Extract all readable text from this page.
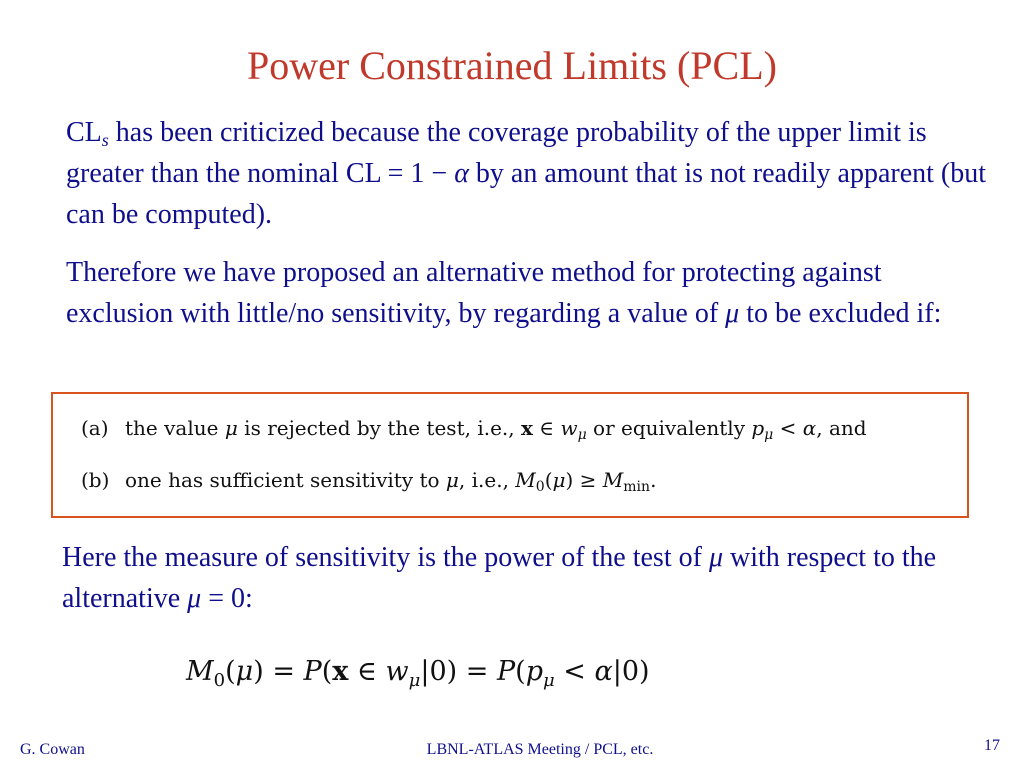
Power Constrained Limits (PCL)

$CL_s$ has been criticized because the coverage probability of the upper limit is greater than the nominal CL = 1 − α by an amount that is not readily apparent (but can be computed).

Therefore we have proposed an alternative method for protecting against exclusion with little/no sensitivity, by regarding a value of μ to be excluded if:

(a) the value μ is rejected by the test, i.e., x ∈ $w_\mu$ or equivalently $p_\mu < \alpha$, and
(b) one has sufficient sensitivity to μ, i.e., $M_0(\mu) \ge M_{min}$.

Here the measure of sensitivity is the power of the test of μ with respect to the alternative μ = 0:

$M_0(\mu) = P(x$ ∈ $w_\mu|0) = P(p_\mu < \alpha|0)$
G. Cowan	LBNL-ATLAS Meeting / PCL, etc.	17
